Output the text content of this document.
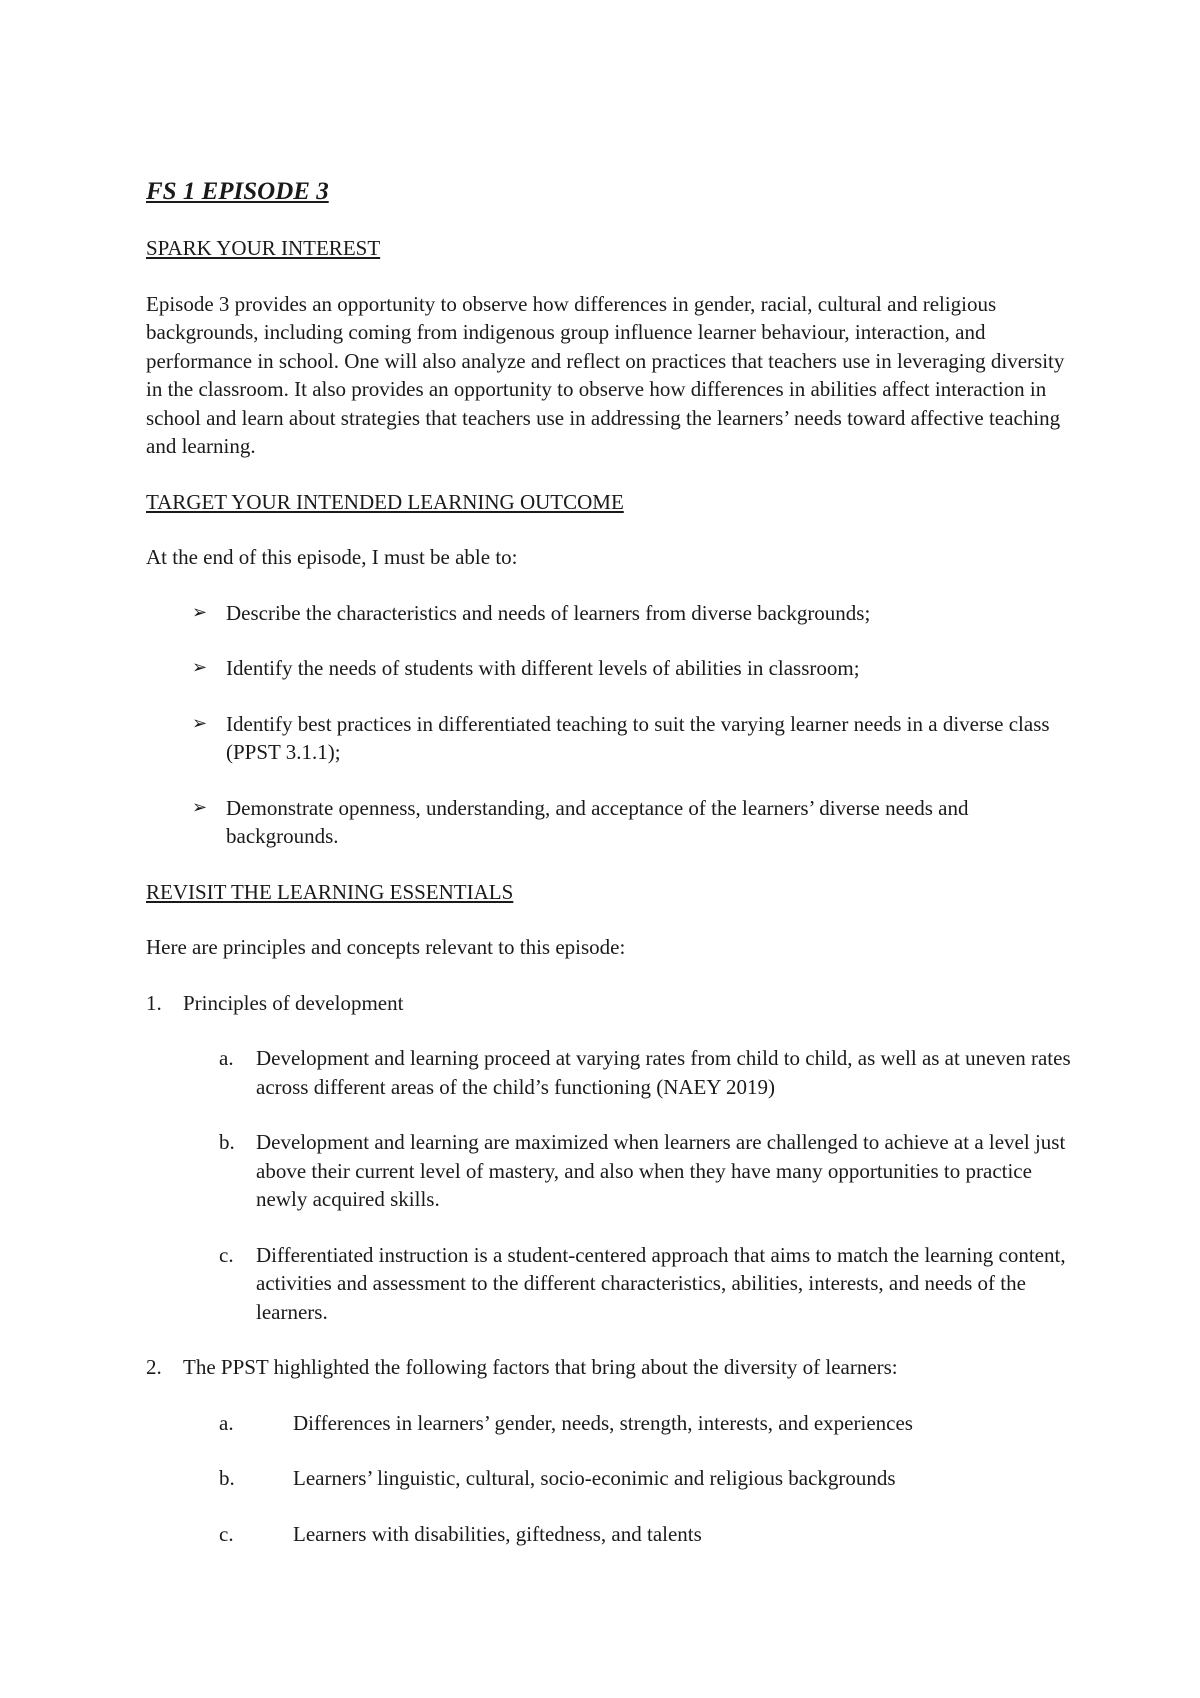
FS 1 EPISODE 3
SPARK YOUR INTEREST

Episode 3 provides an opportunity to observe how differences in gender, racial, cultural and religious backgrounds, including coming from indigenous group influence learner behaviour, interaction, and performance in school. One will also analyze and reflect on practices that teachers use in leveraging diversity in the classroom. It also provides an opportunity to observe how differences in abilities affect interaction in school and learn about strategies that teachers use in addressing the learners’ needs toward affective teaching and learning.

TARGET YOUR INTENDED LEARNING OUTCOME

At the end of this episode, I must be able to:

➢ Describe the characteristics and needs of learners from diverse backgrounds;
➢ Identify the needs of students with different levels of abilities in classroom;
➢ Identify best practices in differentiated teaching to suit the varying learner needs in a diverse class (PPST 3.1.1);
➢ Demonstrate openness, understanding, and acceptance of the learners’ diverse needs and backgrounds.
REVISIT THE LEARNING ESSENTIALS

Here are principles and concepts relevant to this episode:

1. Principles of development
a. Development and learning proceed at varying rates from child to child, as well as at uneven rates across different areas of the child’s functioning (NAEY 2019)
b. Development and learning are maximized when learners are challenged to achieve at a level just above their current level of mastery, and also when they have many opportunities to practice newly acquired skills.
c. Differentiated instruction is a student-centered approach that aims to match the learning content, activities and assessment to the different characteristics, abilities, interests, and needs of the learners.
2. The PPST highlighted the following factors that bring about the diversity of learners:
a.	Differences in learners’ gender, needs, strength, interests, and experiences
b.	Learners’ linguistic, cultural, socio-econimic and religious backgrounds
c.	Learners with disabilities, giftedness, and talents
